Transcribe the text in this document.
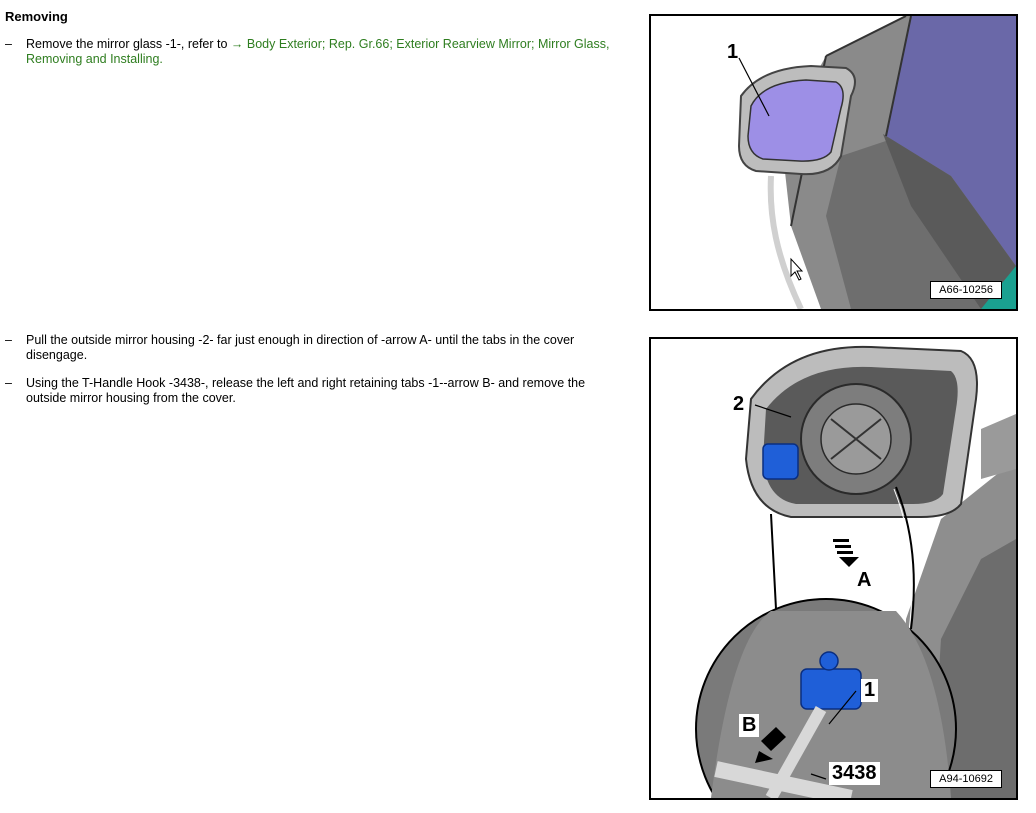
Removing
– Remove the mirror glass -1-, refer to → Body Exterior; Rep. Gr.66; Exterior Rearview Mirror; Mirror Glass, Removing and Installing.
– Pull the outside mirror housing -2- far just enough in direction of -arrow A- until the tabs in the cover disengage.
– Using the T-Handle Hook -3438-, release the left and right retaining tabs -1--arrow B- and remove the outside mirror housing from the cover.
1
A66-10256
2
A
1
B
3438	A94-10692
